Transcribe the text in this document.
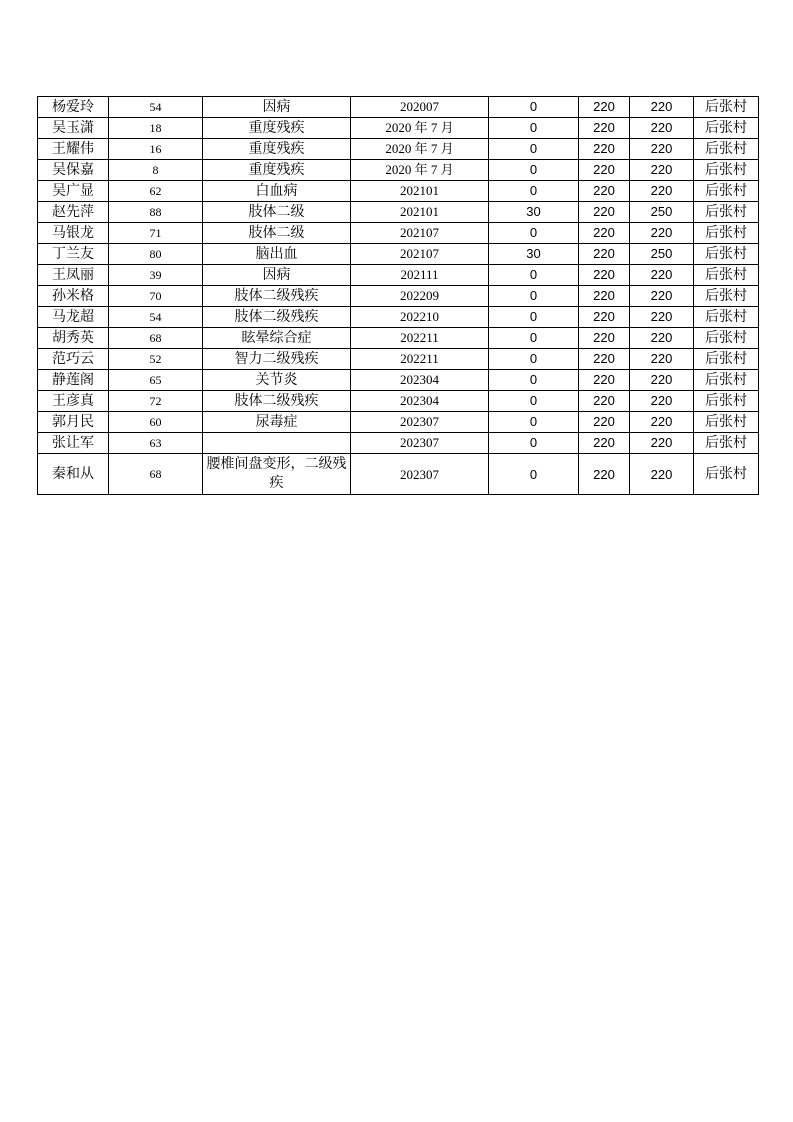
杨爱玲	54	因病	202007	0	220	220	后张村
吴玉潇	18	重度残疾	2020 年 7 月	0	220	220	后张村
王耀伟	16	重度残疾	2020 年 7 月	0	220	220	后张村
吴保嘉	8	重度残疾	2020 年 7 月	0	220	220	后张村
吴广显	62	白血病	202101	0	220	220	后张村
赵先萍	88	肢体二级	202101	30	220	250	后张村
马银龙	71	肢体二级	202107	0	220	220	后张村
丁兰友	80	脑出血	202107	30	220	250	后张村
王凤丽	39	因病	202111	0	220	220	后张村
孙米格	70	肢体二级残疾	202209	0	220	220	后张村
马龙超	54	肢体二级残疾	202210	0	220	220	后张村
胡秀英	68	眩晕综合症	202211	0	220	220	后张村
范巧云	52	智力二级残疾	202211	0	220	220	后张村
静莲阁	65	关节炎	202304	0	220	220	后张村
王彦真	72	肢体二级残疾	202304	0	220	220	后张村
郭月民	60	尿毒症	202307	0	220	220	后张村
张让军	63		202307	0	220	220	后张村
秦和从	68	腰椎间盘变形，二级残疾	202307	0	220	220	后张村
